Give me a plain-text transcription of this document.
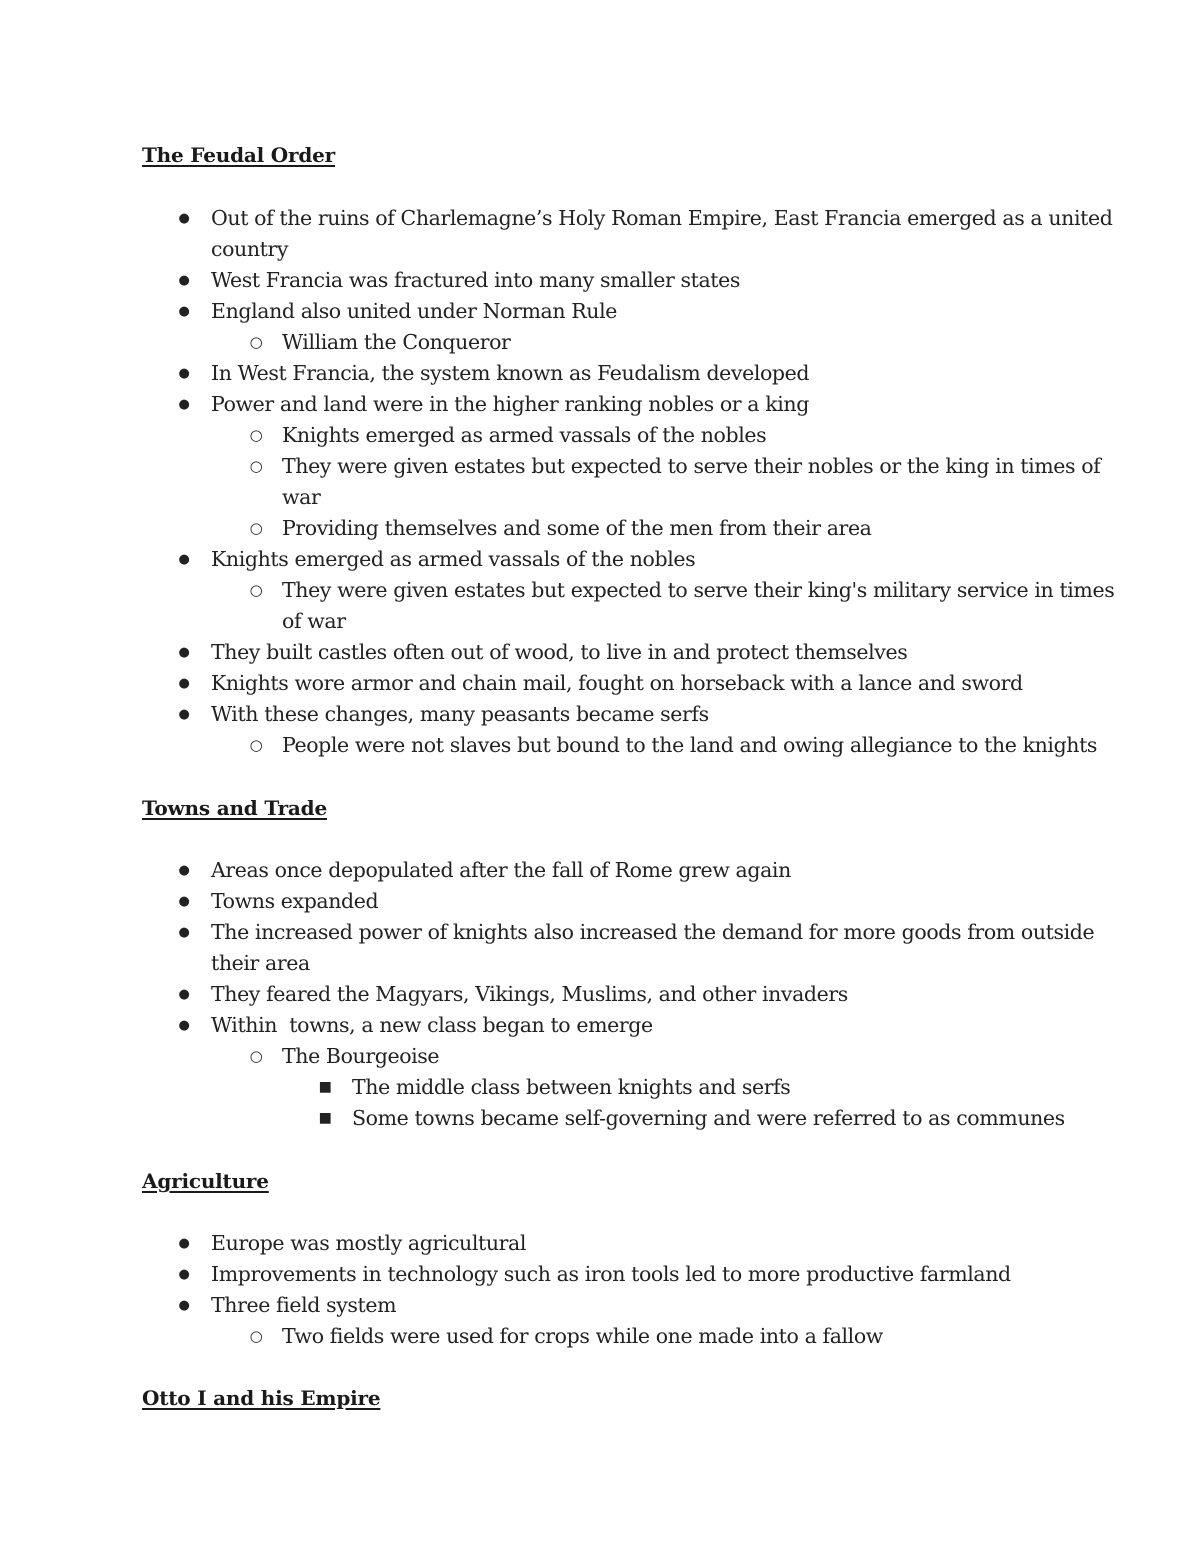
The Feudal Order
● Out of the ruins of Charlemagne’s Holy Roman Empire, East Francia emerged as a united
country
● West Francia was fractured into many smaller states
● England also united under Norman Rule
○ William the Conqueror
● In West Francia, the system known as Feudalism developed
● Power and land were in the higher ranking nobles or a king
○ Knights emerged as armed vassals of the nobles
○ They were given estates but expected to serve their nobles or the king in times of
war
○ Providing themselves and some of the men from their area
● Knights emerged as armed vassals of the nobles
○ They were given estates but expected to serve their king's military service in times
of war
● They built castles often out of wood, to live in and protect themselves
● Knights wore armor and chain mail, fought on horseback with a lance and sword
● With these changes, many peasants became serfs
○ People were not slaves but bound to the land and owing allegiance to the knights
Towns and Trade
● Areas once depopulated after the fall of Rome grew again
● Towns expanded
● The increased power of knights also increased the demand for more goods from outside
their area
● They feared the Magyars, Vikings, Muslims, and other invaders
● Within  towns, a new class began to emerge
○ The Bourgeoise
■ The middle class between knights and serfs
■ Some towns became self-governing and were referred to as communes
Agriculture
● Europe was mostly agricultural
● Improvements in technology such as iron tools led to more productive farmland
● Three field system
○ Two fields were used for crops while one made into a fallow
Otto I and his Empire
